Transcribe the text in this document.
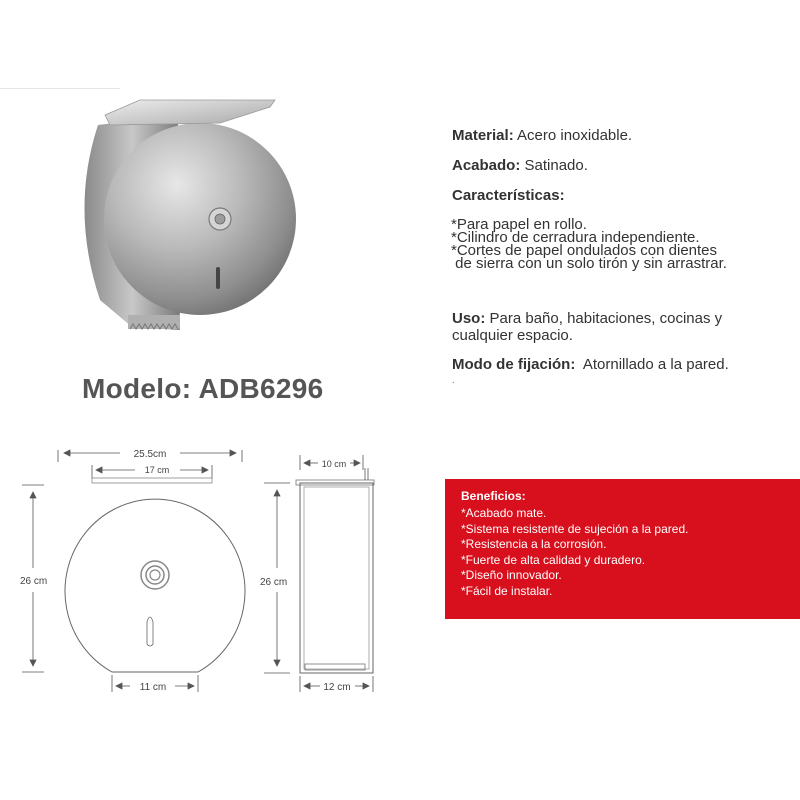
Modelo: ADB6296
Material: Acero inoxidable.
Acabado: Satinado.
Características:
*Para papel en rollo.
*Cilindro de cerradura independiente.
*Cortes de papel ondulados con dientes
de sierra con un solo tirón y sin arrastrar.
Uso: Para baño, habitaciones, cocinas y
cualquier espacio.
Modo de fijación:  Atornillado a la pared.
.
25.5cm
17 cm
26 cm
11 cm
10 cm
26 cm
12 cm
Beneficios:
*Acabado mate.
*Sistema resistente de sujeción a la pared.
*Resistencia a la corrosión.
*Fuerte de alta calidad y duradero.
*Diseño innovador.
*Fácil de instalar.
